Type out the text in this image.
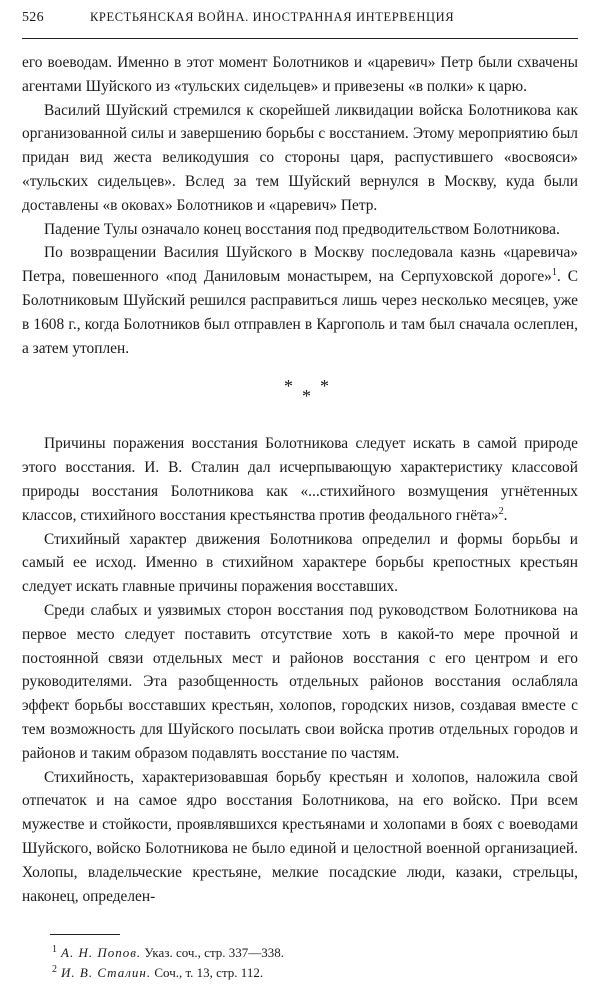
526	КРЕСТЬЯНСКАЯ ВОЙНА. ИНОСТРАННАЯ ИНТЕРВЕНЦИЯ

его воеводам. Именно в этот момент Болотников и «царевич» Петр были схвачены агентами Шуйского из «тульских сидельцев» и привезены «в полки» к царю.

Василий Шуйский стремился к скорейшей ликвидации войска Болотникова как организованной силы и завершению борьбы с восстанием. Этому мероприятию был придан вид жеста великодушия со стороны царя, распустившего «восвояси» «тульских сидельцев». Вслед за тем Шуйский вернулся в Москву, куда были доставлены «в оковах» Болотников и «царевич» Петр.

Падение Тулы означало конец восстания под предводительством Болотникова.

По возвращении Василия Шуйского в Москву последовала казнь «царевича» Петра, повешенного «под Даниловым монастырем, на Серпуховской дороге»$^1$. С Болотниковым Шуйский решился расправиться лишь через несколько месяцев, уже в 1608 г., когда Болотников был отправлен в Каргополь и там был сначала ослеплен, а затем утоплен.

* * *

Причины поражения восстания Болотникова следует искать в самой природе этого восстания. И. В. Сталин дал исчерпывающую характеристику классовой природы восстания Болотникова как «...стихийного возмущения угнётенных классов, стихийного восстания крестьянства против феодального гнёта»$^2$.

Стихийный характер движения Болотникова определил и формы борьбы и самый ее исход. Именно в стихийном характере борьбы крепостных крестьян следует искать главные причины поражения восставших.

Среди слабых и уязвимых сторон восстания под руководством Болотникова на первое место следует поставить отсутствие хоть в какой-то мере прочной и постоянной связи отдельных мест и районов восстания с его центром и его руководителями. Эта разобщенность отдельных районов восстания ослабляла эффект борьбы восставших крестьян, холопов, городских низов, создавая вместе с тем возможность для Шуйского посылать свои войска против отдельных городов и районов и таким образом подавлять восстание по частям.

Стихийность, характеризовавшая борьбу крестьян и холопов, наложила свой отпечаток и на самое ядро восстания Болотникова, на его войско. При всем мужестве и стойкости, проявлявшихся крестьянами и холопами в боях с воеводами Шуйского, войско Болотникова не было единой и целостной военной организацией. Холопы, владельческие крестьяне, мелкие посадские люди, казаки, стрельцы, наконец, определен-

$^1$ А. Н. Попов. Указ. соч., стр. 337—338.

$^2$ И. В. Сталин. Соч., т. 13, стр. 112.
